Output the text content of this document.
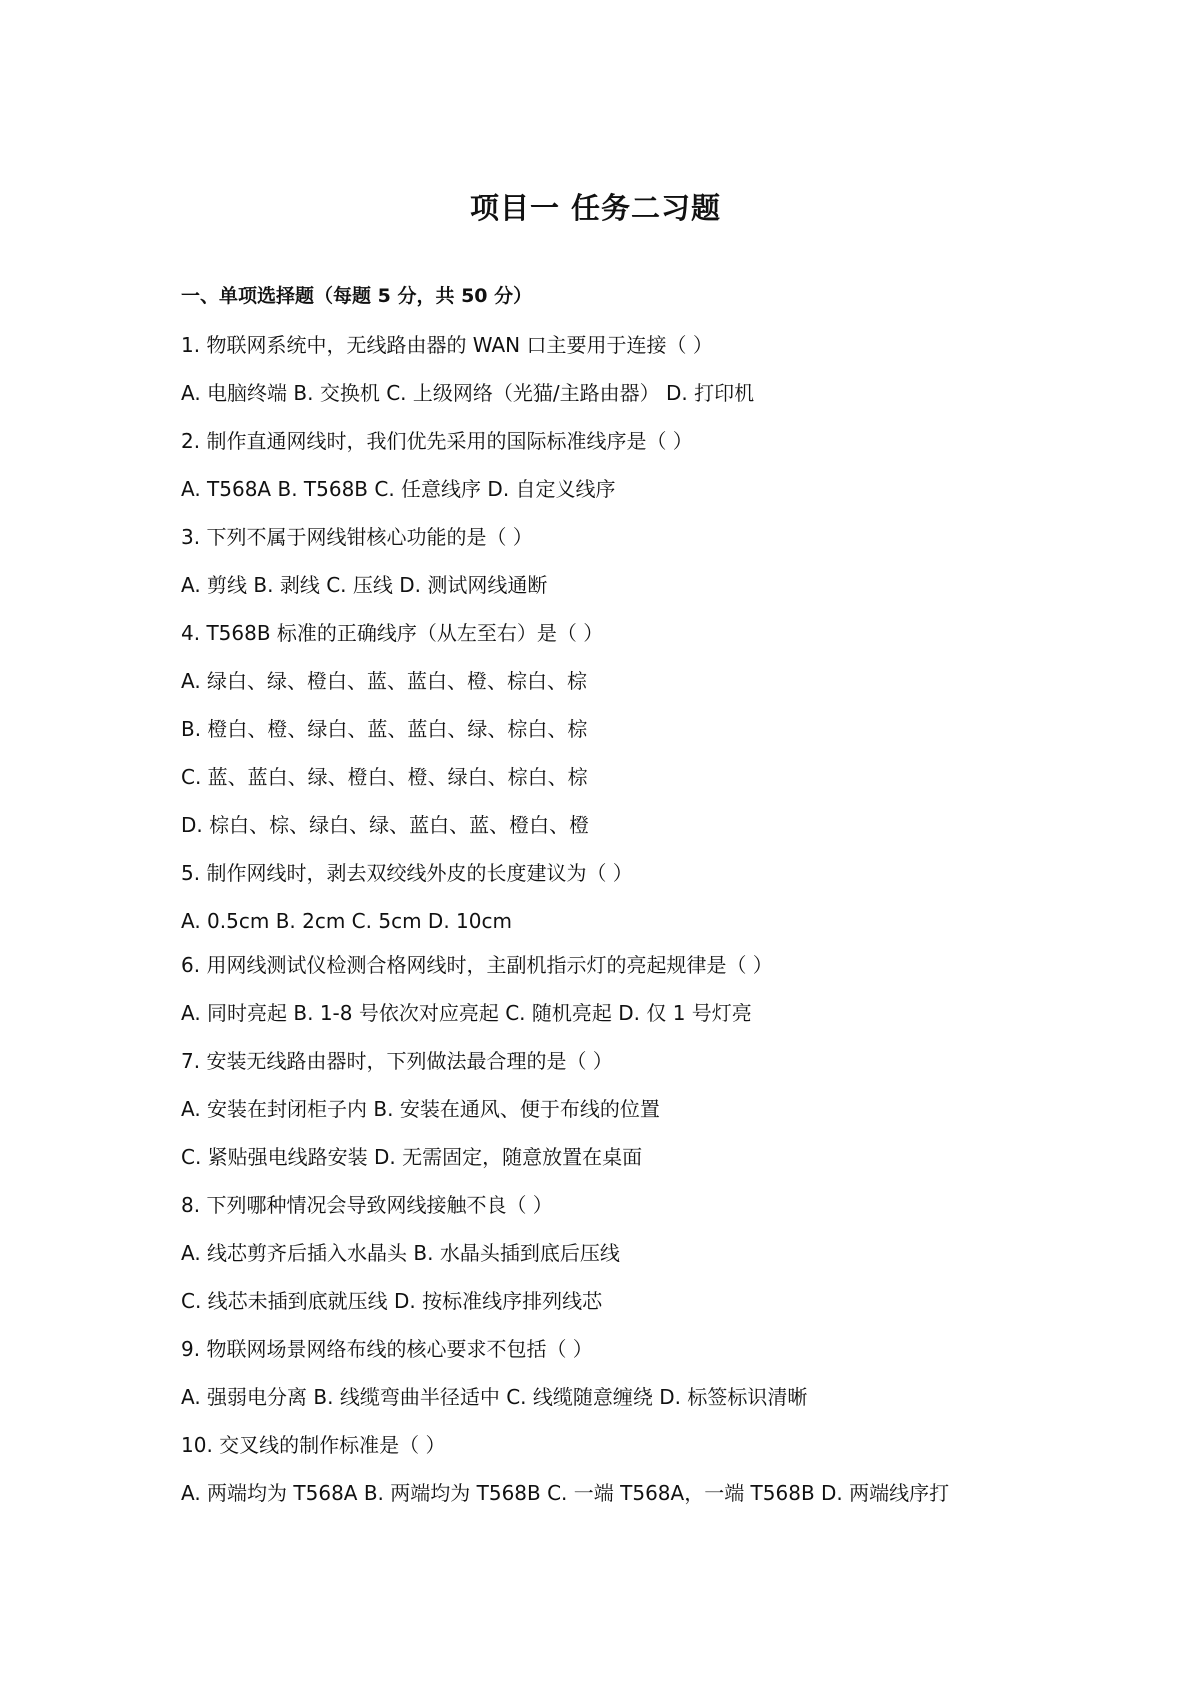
项目一 任务二习题
一、单项选择题（每题 5 分，共 50 分）
1. 物联网系统中，无线路由器的 WAN 口主要用于连接（ ）
A. 电脑终端 B. 交换机 C. 上级网络（光猫/主路由器） D. 打印机
2. 制作直通网线时，我们优先采用的国际标准线序是（ ）
A. T568A B. T568B C. 任意线序 D. 自定义线序
3. 下列不属于网线钳核心功能的是（ ）
A. 剪线 B. 剥线 C. 压线 D. 测试网线通断
4. T568B 标准的正确线序（从左至右）是（ ）
A. 绿白、绿、橙白、蓝、蓝白、橙、棕白、棕
B. 橙白、橙、绿白、蓝、蓝白、绿、棕白、棕
C. 蓝、蓝白、绿、橙白、橙、绿白、棕白、棕
D. 棕白、棕、绿白、绿、蓝白、蓝、橙白、橙
5. 制作网线时，剥去双绞线外皮的长度建议为（ ）
A. 0.5cm B. 2cm C. 5cm D. 10cm
6. 用网线测试仪检测合格网线时，主副机指示灯的亮起规律是（ ）
A. 同时亮起 B. 1-8 号依次对应亮起 C. 随机亮起 D. 仅 1 号灯亮
7. 安装无线路由器时，下列做法最合理的是（ ）
A. 安装在封闭柜子内 B. 安装在通风、便于布线的位置
C. 紧贴强电线路安装 D. 无需固定，随意放置在桌面
8. 下列哪种情况会导致网线接触不良（ ）
A. 线芯剪齐后插入水晶头 B. 水晶头插到底后压线
C. 线芯未插到底就压线 D. 按标准线序排列线芯
9. 物联网场景网络布线的核心要求不包括（ ）
A. 强弱电分离 B. 线缆弯曲半径适中 C. 线缆随意缠绕 D. 标签标识清晰
10. 交叉线的制作标准是（ ）
A. 两端均为 T568A B. 两端均为 T568B C. 一端 T568A，一端 T568B D. 两端线序打
